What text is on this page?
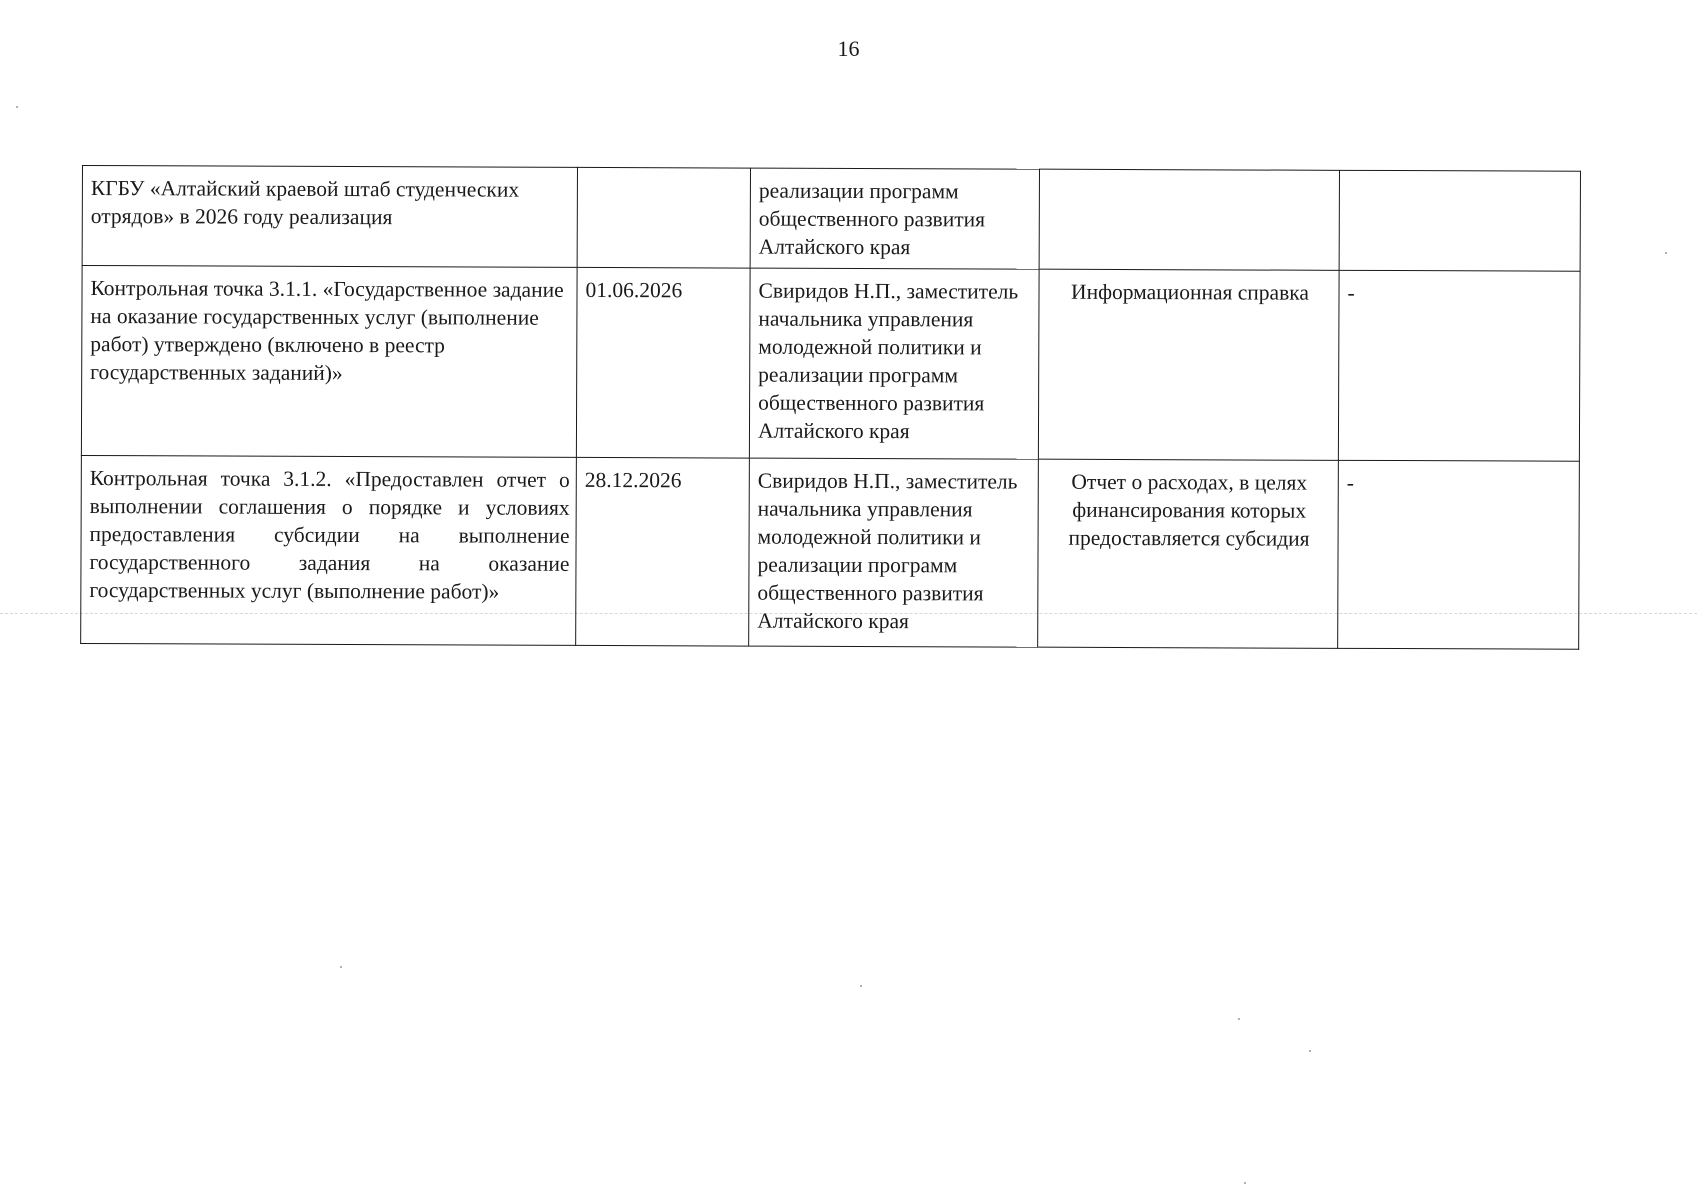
16
КГБУ «Алтайский краевой штаб студенческих отрядов» в 2026 году реализация		реализации программ общественного развития Алтайского края		
Контрольная точка 3.1.1. «Государственное задание на оказание государственных услуг (выполнение работ) утверждено (включено в реестр государственных заданий)»	01.06.2026	Свиридов Н.П., заместитель начальника управления молодежной политики и реализации программ общественного развития Алтайского края	Информационная справка	-
Контрольная точка 3.1.2. «Предоставлен отчет о выполнении соглашения о порядке и условиях предоставления субсидии на выполнение государственного задания на оказание государственных услуг (выполнение работ)»	28.12.2026	Свиридов Н.П., заместитель начальника управления молодежной политики и реализации программ общественного развития Алтайского края	Отчет о расходах, в целях финансирования которых предоставляется субсидия	-
